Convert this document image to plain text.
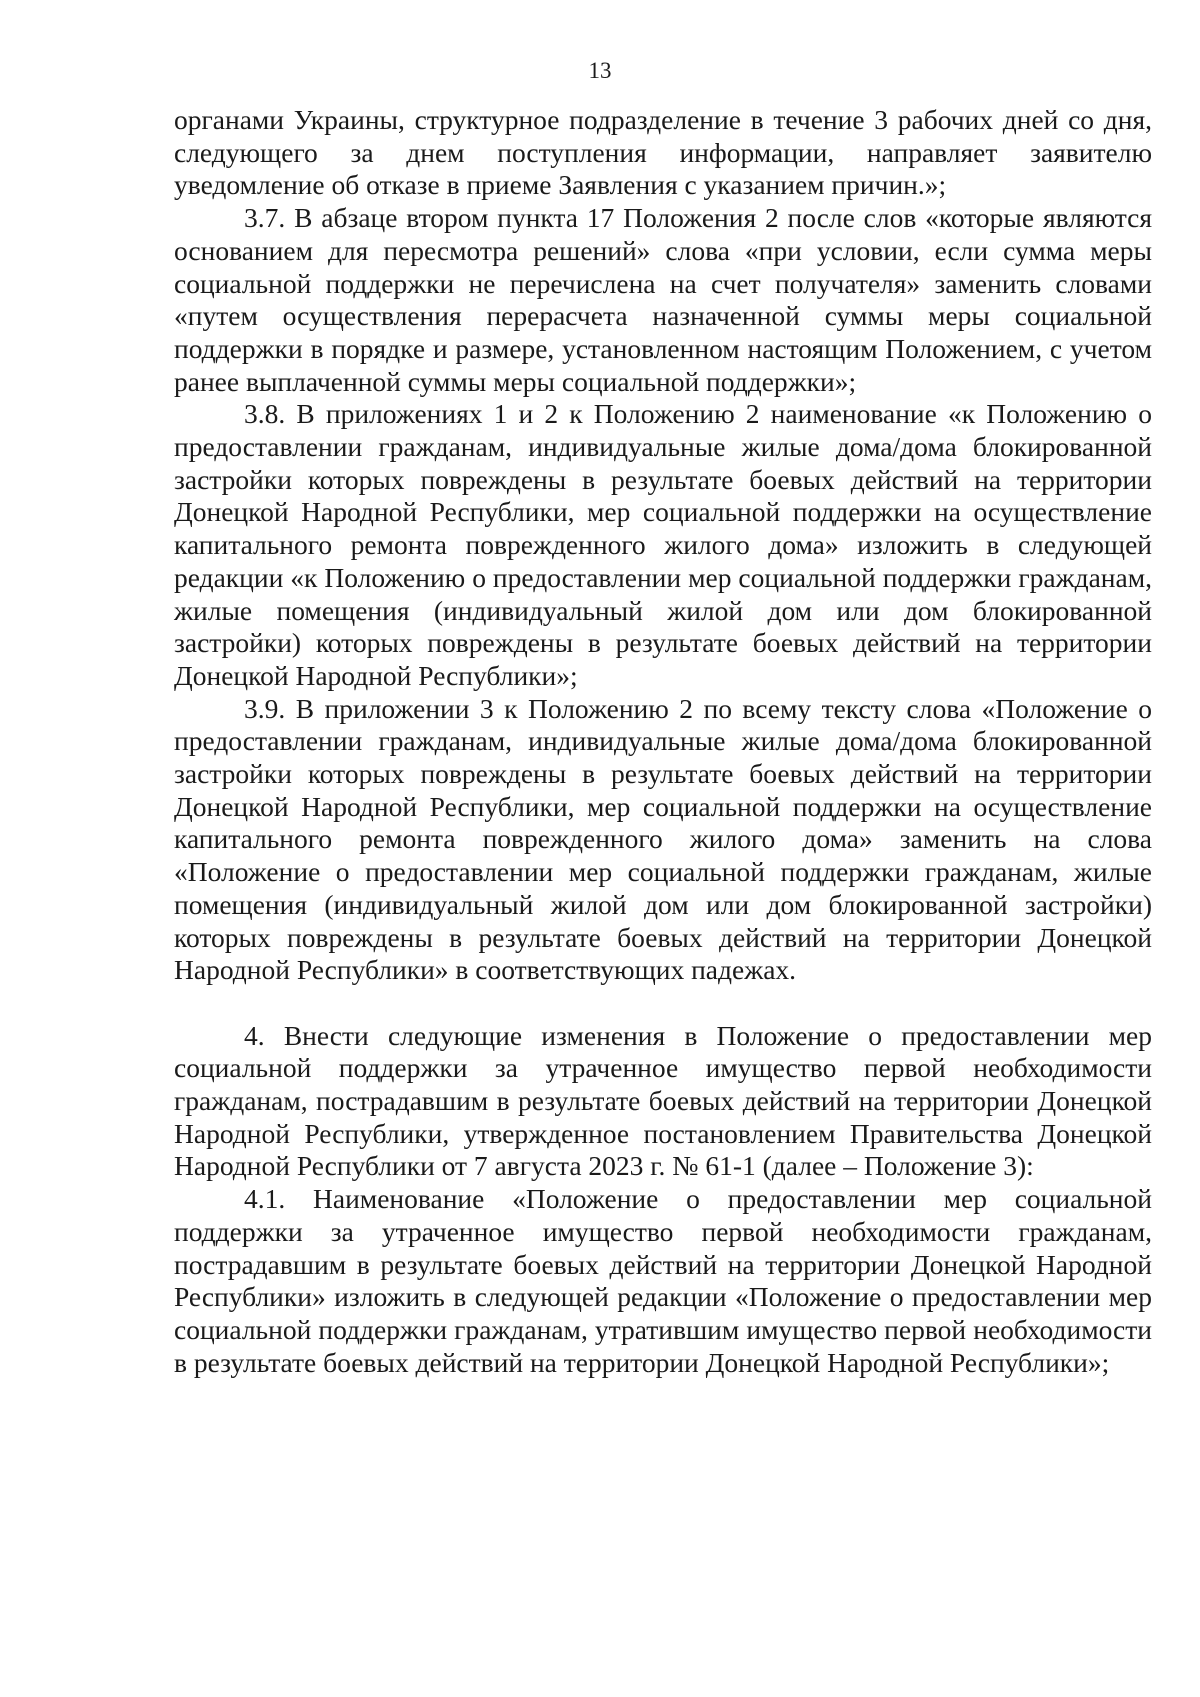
13

органами Украины, структурное подразделение в течение 3 рабочих дней со дня, следующего за днем поступления информации, направляет заявителю уведомление об отказе в приеме Заявления с указанием причин.»;

3.7. В абзаце втором пункта 17 Положения 2 после слов «которые являются основанием для пересмотра решений» слова «при условии, если сумма меры социальной поддержки не перечислена на счет получателя» заменить словами «путем осуществления перерасчета назначенной суммы меры социальной поддержки в порядке и размере, установленном настоящим Положением, с учетом ранее выплаченной суммы меры социальной поддержки»;

3.8. В приложениях 1 и 2 к Положению 2 наименование «к Положению о предоставлении гражданам, индивидуальные жилые дома/дома блокированной застройки которых повреждены в результате боевых действий на территории Донецкой Народной Республики, мер социальной поддержки на осуществление капитального ремонта поврежденного жилого дома» изложить в следующей редакции «к Положению о предоставлении мер социальной поддержки гражданам, жилые помещения (индивидуальный жилой дом или дом блокированной застройки) которых повреждены в результате боевых действий на территории Донецкой Народной Республики»;

3.9. В приложении 3 к Положению 2 по всему тексту слова «Положение о предоставлении гражданам, индивидуальные жилые дома/дома блокированной застройки которых повреждены в результате боевых действий на территории Донецкой Народной Республики, мер социальной поддержки на осуществление капитального ремонта поврежденного жилого дома» заменить на слова «Положение о предоставлении мер социальной поддержки гражданам, жилые помещения (индивидуальный жилой дом или дом блокированной застройки) которых повреждены в результате боевых действий на территории Донецкой Народной Республики» в соответствующих падежах.

4. Внести следующие изменения в Положение о предоставлении мер социальной поддержки за утраченное имущество первой необходимости гражданам, пострадавшим в результате боевых действий на территории Донецкой Народной Республики, утвержденное постановлением Правительства Донецкой Народной Республики от 7 августа 2023 г. № 61-1 (далее – Положение 3):

4.1. Наименование «Положение о предоставлении мер социальной поддержки за утраченное имущество первой необходимости гражданам, пострадавшим в результате боевых действий на территории Донецкой Народной Республики» изложить в следующей редакции «Положение о предоставлении мер социальной поддержки гражданам, утратившим имущество первой необходимости в результате боевых действий на территории Донецкой Народной Республики»;
